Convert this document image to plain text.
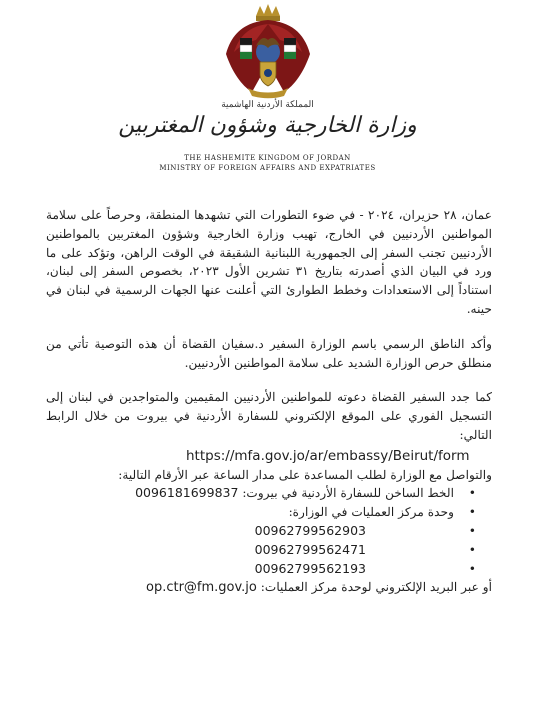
المملكة الأردنية الهاشمية
وزارة الخارجية وشؤون المغتربين
THE HASHEMITE KINGDOM OF JORDAN
MINISTRY OF FOREIGN AFFAIRS AND EXPATRIATES

عمان، ٢٨ حزيران، ٢٠٢٤ - في ضوء التطورات التي تشهدها المنطقة، وحرصاً على سلامة المواطنين الأردنيين في الخارج، تهيب وزارة الخارجية وشؤون المغتربين بالمواطنين الأردنيين تجنب السفر إلى الجمهورية اللبنانية الشقيقة في الوقت الراهن، وتؤكد على ما ورد في البيان الذي أصدرته بتاريخ ٣١ تشرين الأول ٢٠٢٣، بخصوص السفر إلى لبنان، استناداً إلى الاستعدادات وخطط الطوارئ التي أعلنت عنها الجهات الرسمية في لبنان في حينه.

وأكد الناطق الرسمي باسم الوزارة السفير د.سفيان القضاة أن هذه التوصية تأتي من منطلق حرص الوزارة الشديد على سلامة المواطنين الأردنيين.

كما جدد السفير القضاة دعوته للمواطنين الأردنيين المقيمين والمتواجدين في لبنان إلى التسجيل الفوري على الموقع الإلكتروني للسفارة الأردنية في بيروت من خلال الرابط التالي:

https://mfa.gov.jo/ar/embassy/Beirut/form
والتواصل مع الوزارة لطلب المساعدة على مدار الساعة عبر الأرقام التالية:
•
الخط الساخن للسفارة الأردنية في بيروت: 0096181699837
•
وحدة مركز العمليات في الوزارة:
•
00962799562903
•
00962799562471
•
00962799562193
أو عبر البريد الإلكتروني لوحدة مركز العمليات: op.ctr@fm.gov.jo
